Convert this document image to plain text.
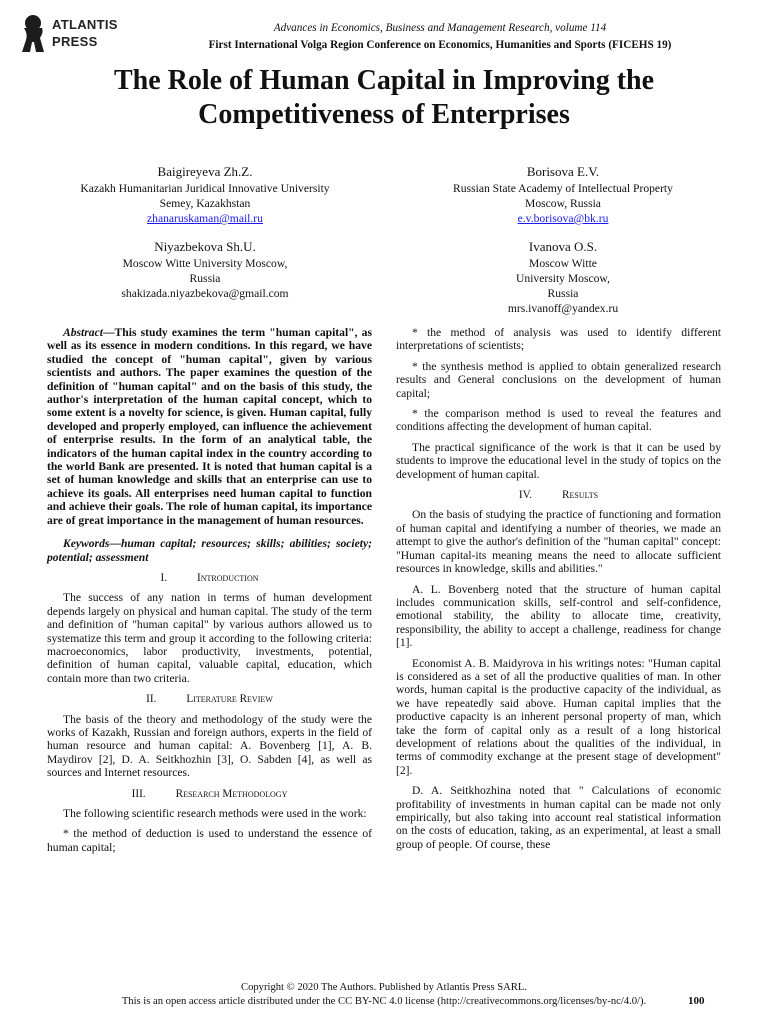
ATLANTIS
PRESS
Advances in Economics, Business and Management Research, volume 114
First International Volga Region Conference on Economics, Humanities and Sports (FICEHS 19)
The Role of Human Capital in Improving the
Competitiveness of Enterprises
Baigireyeva Zh.Z.
Kazakh Humanitarian Juridical Innovative University
Semey, Kazakhstan
zhanaruskaman@mail.ru
Borisova E.V.
Russian State Academy of Intellectual Property
Moscow, Russia
e.v.borisova@bk.ru
Niyazbekova Sh.U.
Moscow Witte University Moscow,
Russia
shakizada.niyazbekova@gmail.com
Ivanova O.S.
Moscow Witte
University Moscow,
Russia
mrs.ivanoff@yandex.ru

Abstract—This study examines the term "human capital", as well as its essence in modern conditions. In this regard, we have studied the concept of "human capital", given by various scientists and authors. The paper examines the question of the definition of "human capital" and on the basis of this study, the author's interpretation of the human capital concept, which to some extent is a novelty for science, is given. Human capital, fully developed and properly employed, can influence the achievement of enterprise results. In the form of an analytical table, the indicators of the human capital index in the country according to the world Bank are presented. It is noted that human capital is a set of human knowledge and skills that an enterprise can use to achieve its goals. All enterprises need human capital to function and achieve their goals. The role of human capital, its importance are of great importance in the management of human resources.

Keywords—human capital; resources; skills; abilities; society; potential; assessment

I.	Introduction

The success of any nation in terms of human development depends largely on physical and human capital. The study of the term and definition of "human capital" by various authors allowed us to systematize this term and group it according to the following criteria: macroeconomics, labor productivity, investments, potential, definition of human capital, valuable capital, education, which contain more than two criteria.

II.	Literature Review

The basis of the theory and methodology of the study were the works of Kazakh, Russian and foreign authors, experts in the field of human resource and human capital: A. Bovenberg [1], A. B. Maydirov [2], D. A. Seitkhozhin [3], O. Sabden [4], as well as sources and Internet resources.

III.	Research Methodology

The following scientific research methods were used in the work:

* the method of deduction is used to understand the essence of human capital;

* the method of analysis was used to identify different interpretations of scientists;

* the synthesis method is applied to obtain generalized research results and General conclusions on the development of human capital;

* the comparison method is used to reveal the features and conditions affecting the development of human capital.

The practical significance of the work is that it can be used by students to improve the educational level in the study of topics on the development of human capital.

IV.	Results

On the basis of studying the practice of functioning and formation of human capital and identifying a number of theories, we made an attempt to give the author's definition of the "human capital" concept: "Human capital-its meaning means the need to allocate sufficient resources in knowledge, skills and abilities."

A. L. Bovenberg noted that the structure of human capital includes communication skills, self-control and self-confidence, emotional stability, the ability to allocate time, creativity, responsibility, the ability to accept a challenge, readiness for change [1].

Economist A. B. Maidyrova in his writings notes: "Human capital is considered as a set of all the productive qualities of man. In other words, human capital is the productive capacity of the individual, as we have repeatedly said above. Human capital implies that the productive capacity is an inherent personal property of man, which take the form of capital only as a result of a long historical development of relations about the qualities of the individual, in terms of commodity exchange at the present stage of development" [2].

D. A. Seitkhozhina noted that " Calculations of economic profitability of investments in human capital can be made not only empirically, but also taking into account real statistical information on the costs of education, taking, as an experimental, at least a small group of people. Of course, these

Copyright © 2020 The Authors. Published by Atlantis Press SARL.
This is an open access article distributed under the CC BY-NC 4.0 license (http://creativecommons.org/licenses/by-nc/4.0/).	100
